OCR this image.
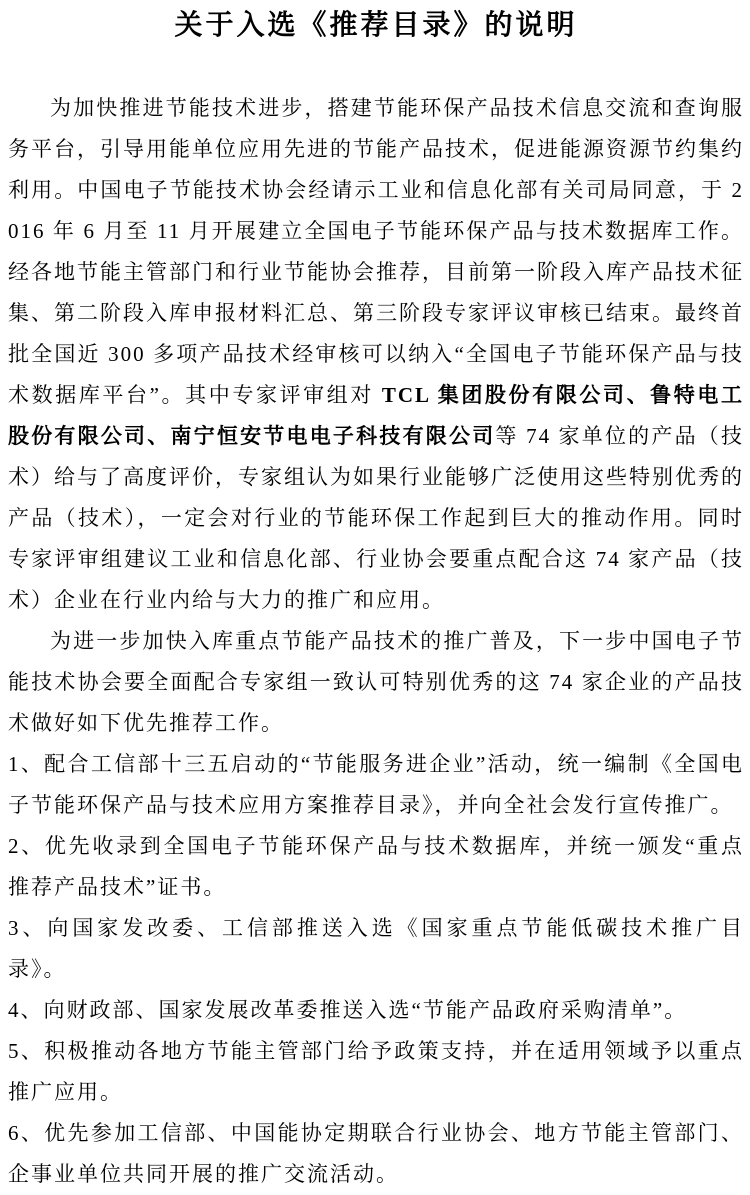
关于入选《推荐目录》的说明

为加快推进节能技术进步，搭建节能环保产品技术信息交流和查询服务平台，引导用能单位应用先进的节能产品技术，促进能源资源节约集约利用。中国电子节能技术协会经请示工业和信息化部有关司局同意，于 2016 年 6 月至 11 月开展建立全国电子节能环保产品与技术数据库工作。经各地节能主管部门和行业节能协会推荐，目前第一阶段入库产品技术征集、第二阶段入库申报材料汇总、第三阶段专家评议审核已结束。最终首批全国近 300 多项产品技术经审核可以纳入“全国电子节能环保产品与技术数据库平台”。其中专家评审组对 TCL 集团股份有限公司、鲁特电工股份有限公司、南宁恒安节电电子科技有限公司等 74 家单位的产品（技术）给与了高度评价，专家组认为如果行业能够广泛使用这些特别优秀的产品（技术），一定会对行业的节能环保工作起到巨大的推动作用。同时专家评审组建议工业和信息化部、行业协会要重点配合这 74 家产品（技术）企业在行业内给与大力的推广和应用。

为进一步加快入库重点节能产品技术的推广普及，下一步中国电子节能技术协会要全面配合专家组一致认可特别优秀的这 74 家企业的产品技术做好如下优先推荐工作。

1、配合工信部十三五启动的“节能服务进企业”活动，统一编制《全国电子节能环保产品与技术应用方案推荐目录》，并向全社会发行宣传推广。

2、优先收录到全国电子节能环保产品与技术数据库，并统一颁发“重点推荐产品技术”证书。

3、向国家发改委、工信部推送入选《国家重点节能低碳技术推广目录》。

4、向财政部、国家发展改革委推送入选“节能产品政府采购清单”。

5、积极推动各地方节能主管部门给予政策支持，并在适用领域予以重点推广应用。

6、优先参加工信部、中国能协定期联合行业协会、地方节能主管部门、企事业单位共同开展的推广交流活动。
